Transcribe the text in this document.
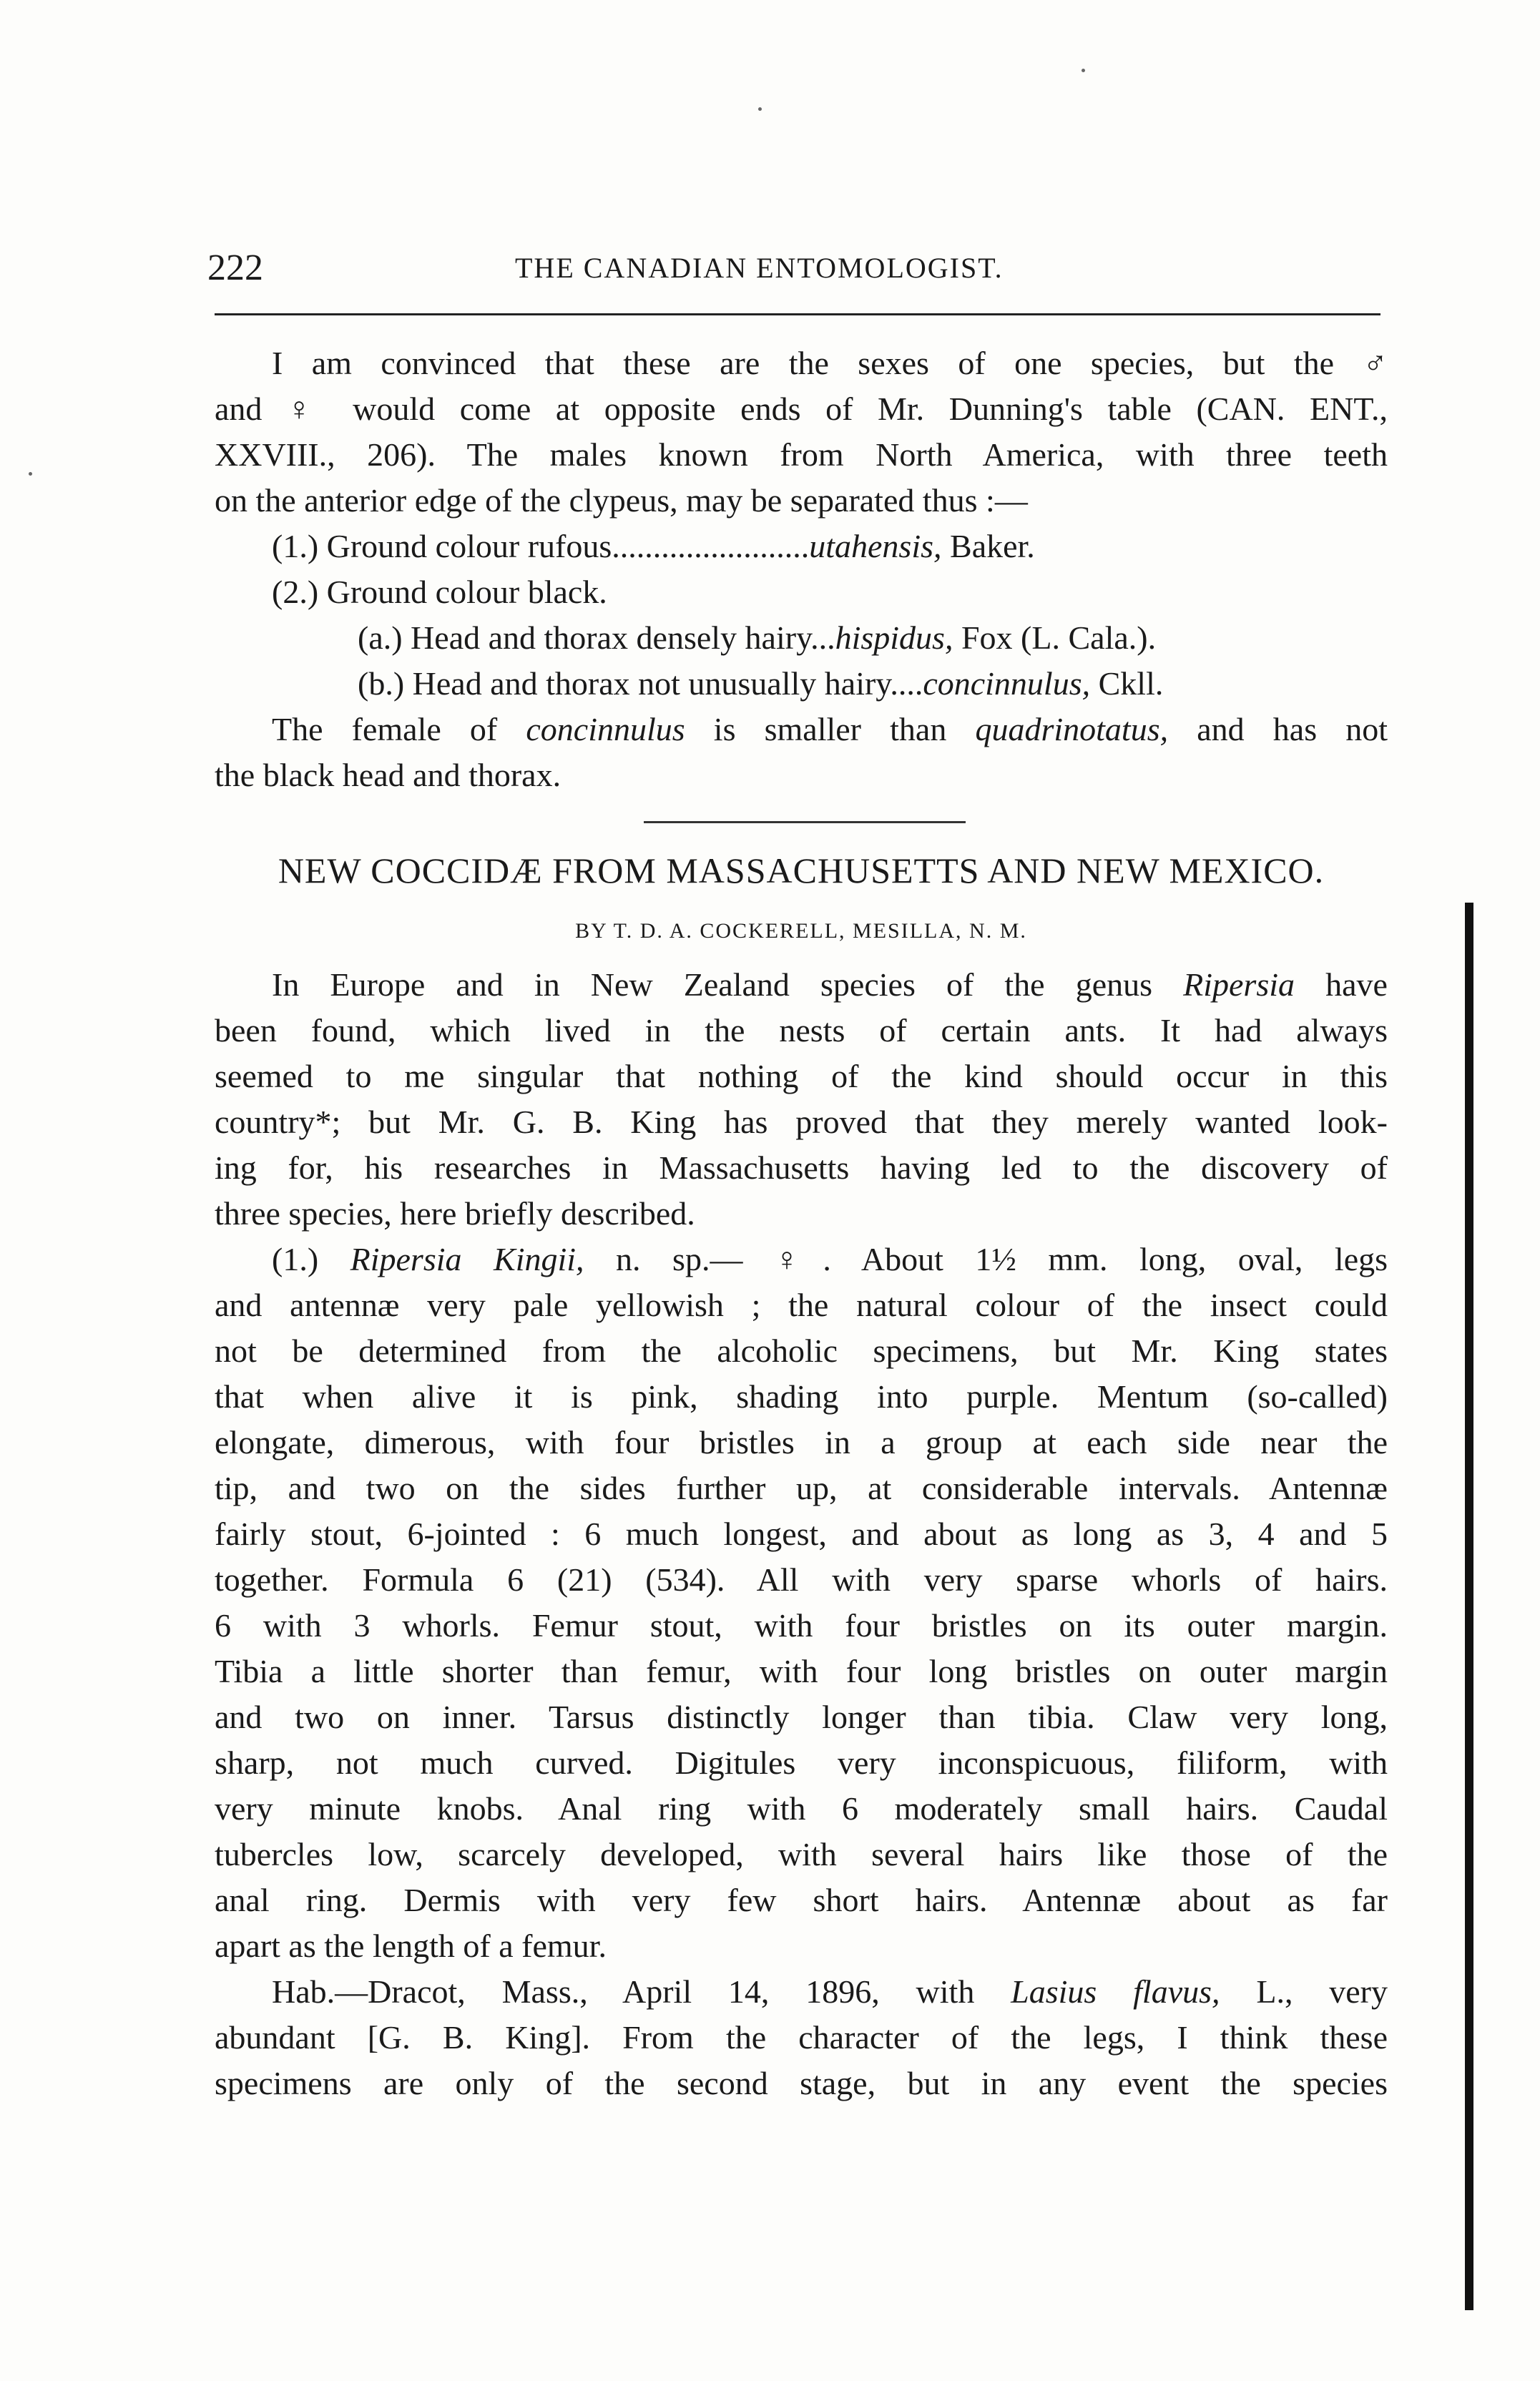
222	THE CANADIAN ENTOMOLOGIST.
I am convinced that these are the sexes of one species, but the ♂
and ♀ would come at opposite ends of Mr. Dunning's table (CAN. ENT.,
XXVIII., 206). The males known from North America, with three teeth
on the anterior edge of the clypeus, may be separated thus :—
(1.) Ground colour rufous........................utahensis, Baker.
(2.) Ground colour black.
(a.) Head and thorax densely hairy...hispidus, Fox (L. Cala.).
(b.) Head and thorax not unusually hairy....concinnulus, Ckll.
The female of concinnulus is smaller than quadrinotatus, and has not
the black head and thorax.
NEW COCCIDÆ FROM MASSACHUSETTS AND NEW MEXICO.
BY T. D. A. COCKERELL, MESILLA, N. M.
In Europe and in New Zealand species of the genus Ripersia have
been found, which lived in the nests of certain ants. It had always
seemed to me singular that nothing of the kind should occur in this
country*; but Mr. G. B. King has proved that they merely wanted look-
ing for, his researches in Massachusetts having led to the discovery of
three species, here briefly described.
(1.) Ripersia Kingii, n. sp.— ♀. About 1½ mm. long, oval, legs
and antennæ very pale yellowish ; the natural colour of the insect could
not be determined from the alcoholic specimens, but Mr. King states
that when alive it is pink, shading into purple. Mentum (so-called)
elongate, dimerous, with four bristles in a group at each side near the
tip, and two on the sides further up, at considerable intervals. Antennæ
fairly stout, 6-jointed : 6 much longest, and about as long as 3, 4 and 5
together. Formula 6 (21) (534). All with very sparse whorls of hairs.
6 with 3 whorls. Femur stout, with four bristles on its outer margin.
Tibia a little shorter than femur, with four long bristles on outer margin
and two on inner. Tarsus distinctly longer than tibia. Claw very long,
sharp, not much curved. Digitules very inconspicuous, filiform, with
very minute knobs. Anal ring with 6 moderately small hairs. Caudal
tubercles low, scarcely developed, with several hairs like those of the
anal ring. Dermis with very few short hairs. Antennæ about as far
apart as the length of a femur.
Hab.—Dracot, Mass., April 14, 1896, with Lasius flavus, L., very
abundant [G. B. King]. From the character of the legs, I think these
specimens are only of the second stage, but in any event the species
